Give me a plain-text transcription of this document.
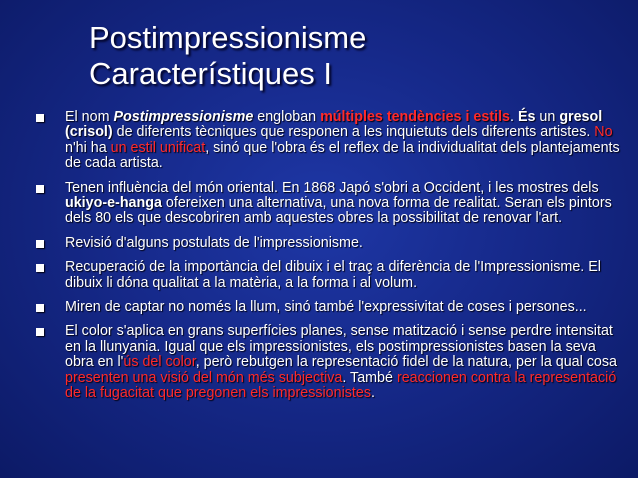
Postimpressionisme
Característiques I
El nom Postimpressionisme engloban múltiples tendències i estils. És un gresol (crisol) de diferents tècniques que responen a les inquietuts dels diferents artistes. No n'hi ha un estil unificat, sinó que l'obra és el reflex de la individualitat dels plantejaments de cada artista.
Tenen influència del món oriental. En 1868 Japó s'obri a Occident, i les mostres dels ukiyo-e-hanga ofereixen una alternativa, una nova forma de realitat. Seran els pintors dels 80 els que descobriren amb aquestes obres la possibilitat de renovar l'art.
Revisió d'alguns postulats de l'impressionisme.
Recuperació de la importància del dibuix i el traç a diferència de l'Impressionisme. El dibuix li dóna qualitat a la matèria, a la forma i al volum.
Miren de captar no només la llum, sinó també l'expressivitat de coses i persones...
El color s'aplica en grans superfícies planes, sense matització i sense perdre intensitat en la llunyania. Igual que els impressionistes, els postimpressionistes basen la seva obra en l'ús del color, però rebutgen la representació fidel de la natura, per la qual cosa presenten una visió del món més subjectiva. També reaccionen contra la representació de la fugacitat que pregonen els impressionistes.
